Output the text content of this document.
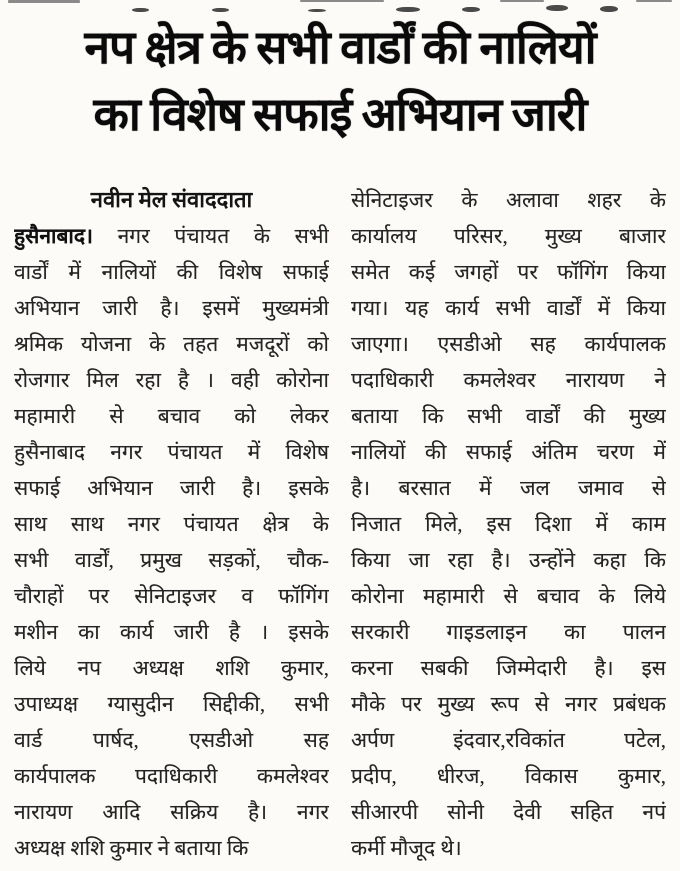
नप क्षेत्र के सभी वार्डों की नालियों
का विशेष सफाई अभियान जारी
नवीन मेल संवाददाता
हुसैनाबाद। नगर पंचायत के सभी
वार्डों में नालियों की विशेष सफाई
अभियान जारी है। इसमें मुख्यमंत्री
श्रमिक योजना के तहत मजदूरों को
रोजगार मिल रहा है । वही कोरोना
महामारी से बचाव को लेकर
हुसैनाबाद नगर पंचायत में विशेष
सफाई अभियान जारी है। इसके
साथ साथ नगर पंचायत क्षेत्र के
सभी वार्डों, प्रमुख सड़कों, चौक-
चौराहों पर सेनिटाइजर व फॉगिंग
मशीन का कार्य जारी है । इसके
लिये नप अध्यक्ष शशि कुमार,
उपाध्यक्ष ग्यासुदीन सिद्दीकी, सभी
वार्ड पार्षद, एसडीओ सह
कार्यपालक पदाधिकारी कमलेश्वर
नारायण आदि सक्रिय है। नगर
अध्यक्ष शशि कुमार ने बताया कि
सेनिटाइजर के अलावा शहर के
कार्यालय परिसर, मुख्य बाजार
समेत कई जगहों पर फॉगिंग किया
गया। यह कार्य सभी वार्डों में किया
जाएगा। एसडीओ सह कार्यपालक
पदाधिकारी कमलेश्वर नारायण ने
बताया कि सभी वार्डों की मुख्य
नालियों की सफाई अंतिम चरण में
है। बरसात में जल जमाव से
निजात मिले, इस दिशा में काम
किया जा रहा है। उन्होंने कहा कि
कोरोना महामारी से बचाव के लिये
सरकारी गाइडलाइन का पालन
करना सबकी जिम्मेदारी है। इस
मौके पर मुख्य रूप से नगर प्रबंधक
अर्पण इंदवार,रविकांत पटेल,
प्रदीप, धीरज, विकास कुमार,
सीआरपी सोनी देवी सहित नपं
कर्मी मौजूद थे।
